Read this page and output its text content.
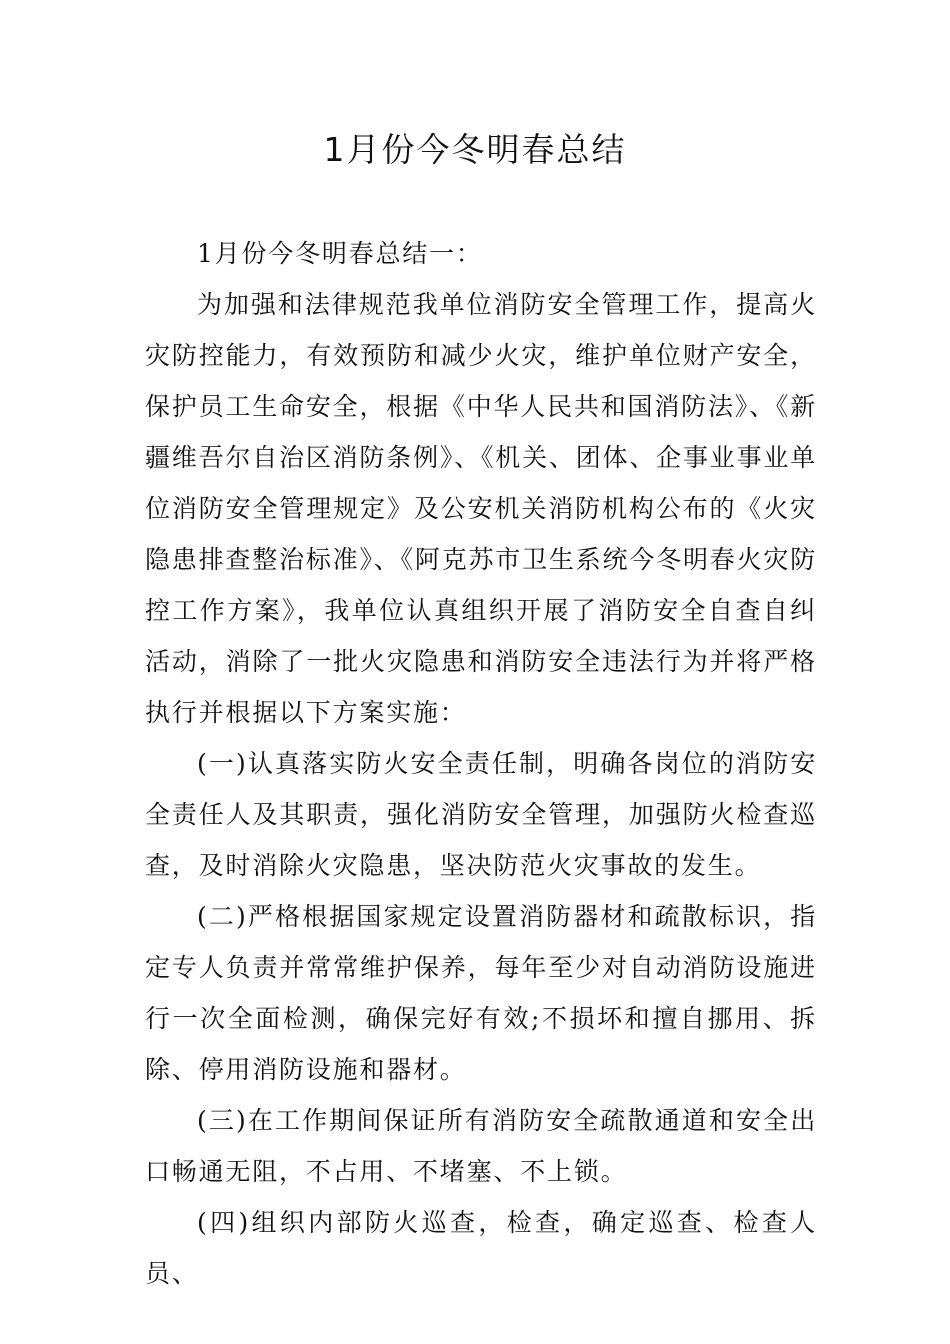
1月份今冬明春总结

1月份今冬明春总结一：

为加强和法律规范我单位消防安全管理工作，提高火灾防控能力，有效预防和减少火灾，维护单位财产安全，保护员工生命安全，根据《中华人民共和国消防法》、《新疆维吾尔自治区消防条例》、《机关、团体、企事业事业单位消防安全管理规定》及公安机关消防机构公布的《火灾隐患排查整治标准》、《阿克苏市卫生系统今冬明春火灾防控工作方案》，我单位认真组织开展了消防安全自查自纠活动，消除了一批火灾隐患和消防安全违法行为并将严格执行并根据以下方案实施：

(一)认真落实防火安全责任制，明确各岗位的消防安全责任人及其职责，强化消防安全管理，加强防火检查巡查，及时消除火灾隐患，坚决防范火灾事故的发生。

(二)严格根据国家规定设置消防器材和疏散标识，指定专人负责并常常维护保养，每年至少对自动消防设施进行一次全面检测，确保完好有效;不损坏和擅自挪用、拆除、停用消防设施和器材。

(三)在工作期间保证所有消防安全疏散通道和安全出口畅通无阻，不占用、不堵塞、不上锁。

(四)组织内部防火巡查，检查，确定巡查、检查人员、
